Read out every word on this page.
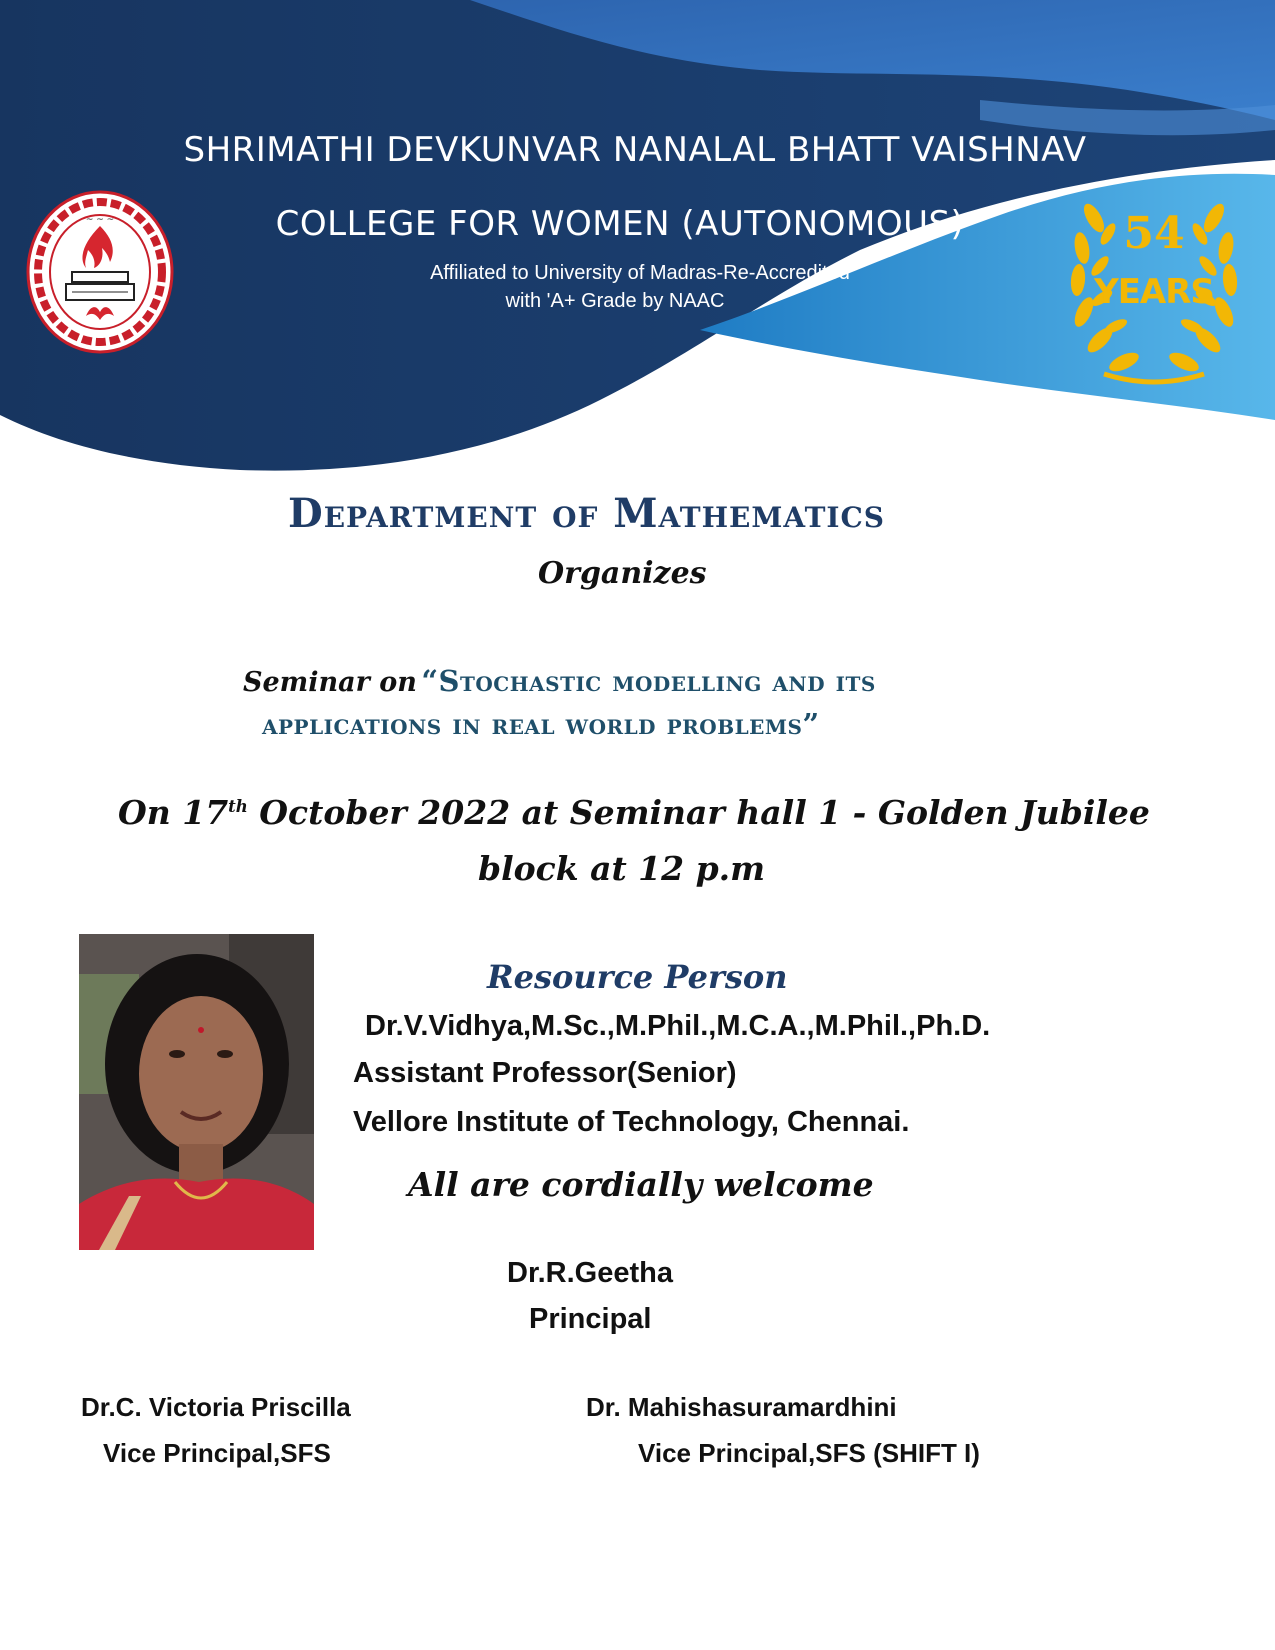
~ ~ ~	54
YEARS
SHRIMATHI DEVKUNVAR NANALAL BHATT VAISHNAV
COLLEGE FOR WOMEN (AUTONOMOUS)
Affiliated to University of Madras-Re-Accredited
with 'A+ Grade by NAAC
Department of Mathematics
Organizes
Seminar on “Stochastic modelling and its
applications in real world problems”
On 17th October 2022 at Seminar hall 1 - Golden Jubilee
block at 12 p.m
Resource Person
Dr.V.Vidhya,M.Sc.,M.Phil.,M.C.A.,M.Phil.,Ph.D.
Assistant Professor(Senior)
Vellore Institute of Technology, Chennai.
All are cordially welcome
Dr.R.Geetha
Principal
Dr.C. Victoria Priscilla
Vice Principal,SFS
Dr. Mahishasuramardhini
Vice Principal,SFS (SHIFT I)
